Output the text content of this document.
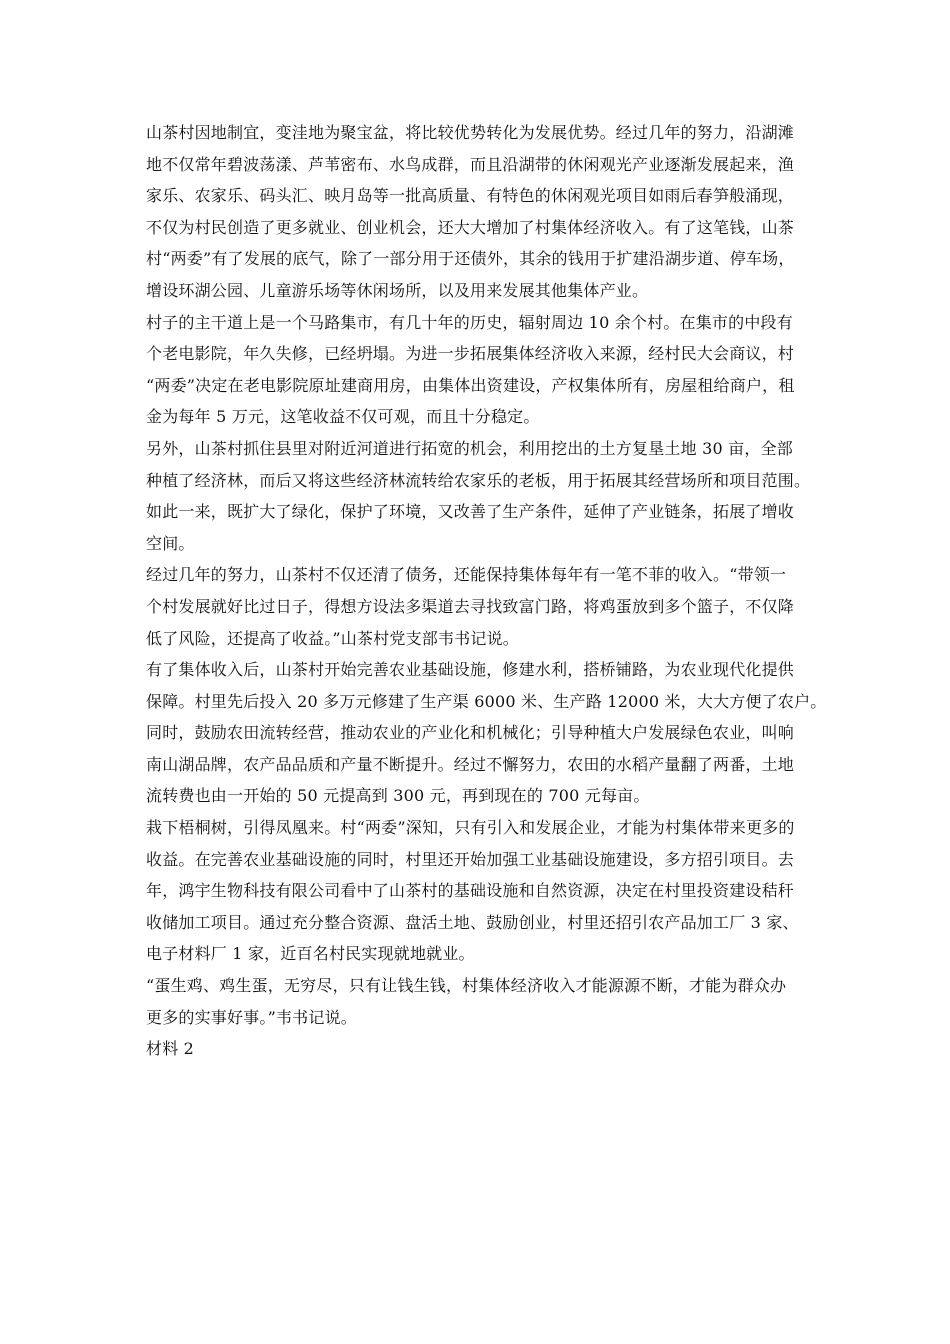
山茶村因地制宜，变洼地为聚宝盆，将比较优势转化为发展优势。经过几年的努力，沿湖滩
地不仅常年碧波荡漾、芦苇密布、水鸟成群，而且沿湖带的休闲观光产业逐渐发展起来，渔
家乐、农家乐、码头汇、映月岛等一批高质量、有特色的休闲观光项目如雨后春笋般涌现，
不仅为村民创造了更多就业、创业机会，还大大增加了村集体经济收入。有了这笔钱，山茶
村“两委”有了发展的底气，除了一部分用于还债外，其余的钱用于扩建沿湖步道、停车场，
增设环湖公园、儿童游乐场等休闲场所，以及用来发展其他集体产业。
村子的主干道上是一个马路集市，有几十年的历史，辐射周边 10 余个村。在集市的中段有
个老电影院，年久失修，已经坍塌。为进一步拓展集体经济收入来源，经村民大会商议，村
“两委”决定在老电影院原址建商用房，由集体出资建设，产权集体所有，房屋租给商户，租
金为每年 5 万元，这笔收益不仅可观，而且十分稳定。
另外，山茶村抓住县里对附近河道进行拓宽的机会，利用挖出的土方复垦土地 30 亩，全部
种植了经济林，而后又将这些经济林流转给农家乐的老板，用于拓展其经营场所和项目范围。
如此一来，既扩大了绿化，保护了环境，又改善了生产条件，延伸了产业链条，拓展了增收
空间。
经过几年的努力，山茶村不仅还清了债务，还能保持集体每年有一笔不菲的收入。“带领一
个村发展就好比过日子，得想方设法多渠道去寻找致富门路，将鸡蛋放到多个篮子，不仅降
低了风险，还提高了收益。”山茶村党支部韦书记说。
有了集体收入后，山茶村开始完善农业基础设施，修建水利，搭桥铺路，为农业现代化提供
保障。村里先后投入 20 多万元修建了生产渠 6000 米、生产路 12000 米，大大方便了农户。
同时，鼓励农田流转经营，推动农业的产业化和机械化；引导种植大户发展绿色农业，叫响
南山湖品牌，农产品品质和产量不断提升。经过不懈努力，农田的水稻产量翻了两番，土地
流转费也由一开始的 50 元提高到 300 元，再到现在的 700 元每亩。
栽下梧桐树，引得凤凰来。村“两委”深知，只有引入和发展企业，才能为村集体带来更多的
收益。在完善农业基础设施的同时，村里还开始加强工业基础设施建设，多方招引项目。去
年，鸿宇生物科技有限公司看中了山茶村的基础设施和自然资源，决定在村里投资建设秸秆
收储加工项目。通过充分整合资源、盘活土地、鼓励创业，村里还招引农产品加工厂 3 家、
电子材料厂 1 家，近百名村民实现就地就业。
“蛋生鸡、鸡生蛋，无穷尽，只有让钱生钱，村集体经济收入才能源源不断，才能为群众办
更多的实事好事。”韦书记说。
材料 2
